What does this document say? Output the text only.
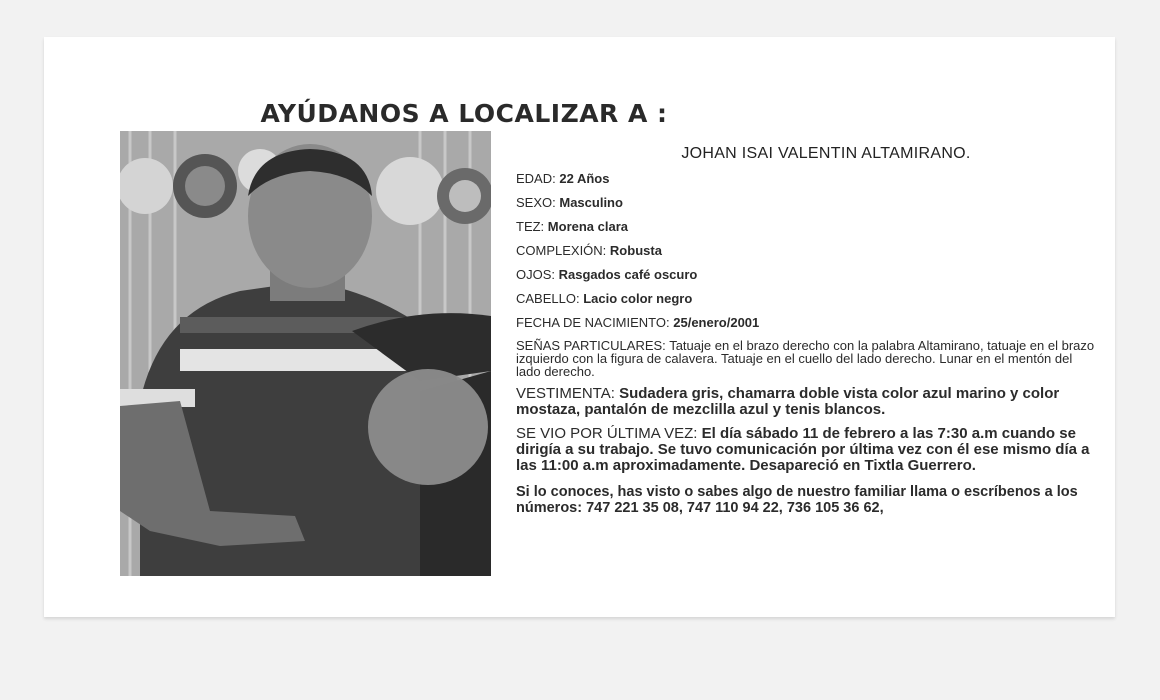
AYÚDANOS A LOCALIZAR A :
JOHAN ISAI VALENTIN ALTAMIRANO.
EDAD: 22 Años
SEXO: Masculino
TEZ: Morena clara
COMPLEXIÓN: Robusta
OJOS: Rasgados café oscuro
CABELLO: Lacio color negro
FECHA DE NACIMIENTO: 25/enero/2001
SEÑAS PARTICULARES: Tatuaje en el brazo derecho con la palabra Altamirano, tatuaje en el brazo izquierdo con la figura de calavera. Tatuaje en el cuello del lado derecho. Lunar en el mentón del lado derecho.
VESTIMENTA: Sudadera gris, chamarra doble vista color azul marino y color mostaza, pantalón de mezclilla azul y tenis blancos.
SE VIO POR ÚLTIMA VEZ: El día sábado 11 de febrero a las 7:30 a.m cuando se dirigía a su trabajo. Se tuvo comunicación por última vez con él ese mismo día a las 11:00 a.m aproximadamente. Desapareció en Tixtla Guerrero.
Si lo conoces, has visto o sabes algo de nuestro familiar llama o escríbenos a los números: 747 221 35 08, 747 110 94 22, 736 105 36 62,
